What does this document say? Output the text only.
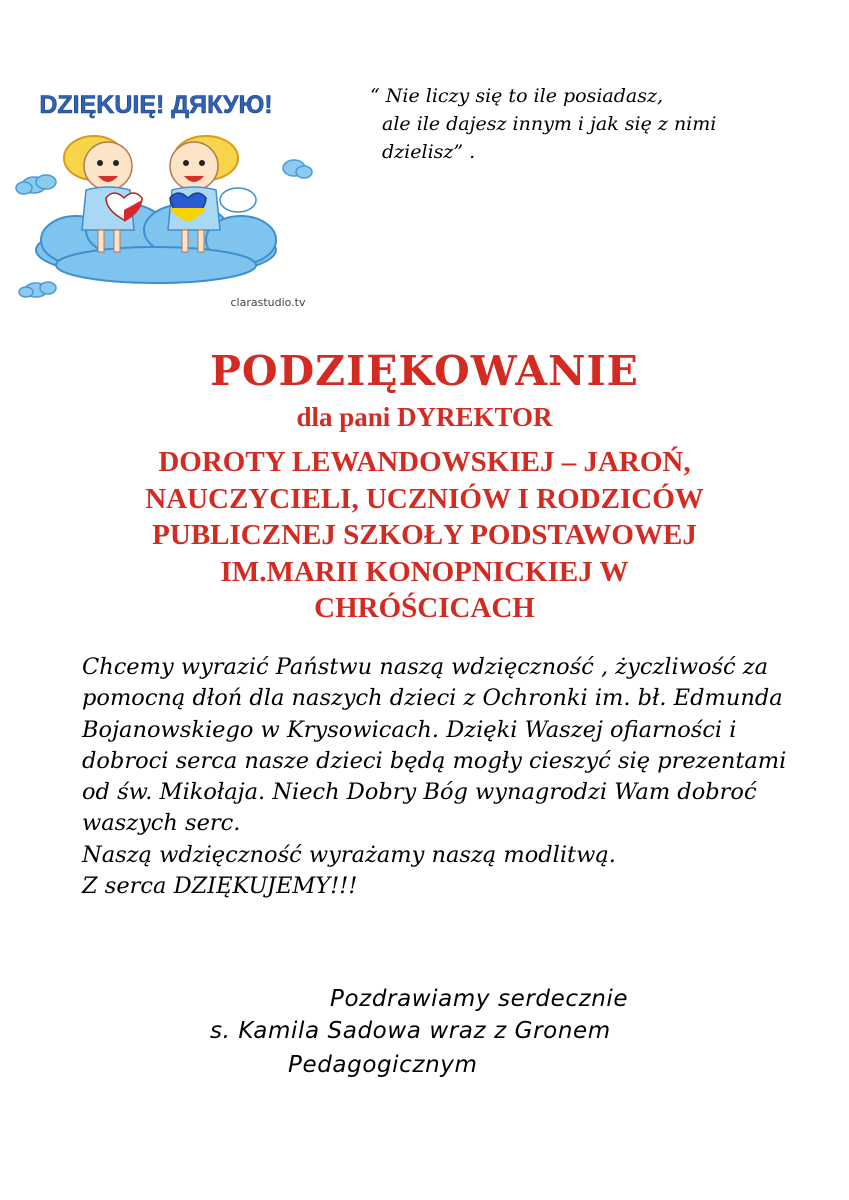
DZIĘKUIĘ! ДЯКУЮ!
clarastudio.tv
“ Nie liczy się to ile posiadasz,
ale ile dajesz innym i jak się z nimi
dzielisz” .
PODZIĘKOWANIE
dla pani DYREKTOR
DOROTY LEWANDOWSKIEJ – JAROŃ,
NAUCZYCIELI, UCZNIÓW I RODZICÓW
PUBLICZNEJ SZKOŁY PODSTAWOWEJ
IM.MARII KONOPNICKIEJ W
CHRÓŚCICACH
Chcemy wyrazić Państwu naszą wdzięczność , życzliwość za
pomocną dłoń dla naszych dzieci z Ochronki im. bł. Edmunda
Bojanowskiego w Krysowicach. Dzięki Waszej ofiarności i
dobroci serca nasze dzieci będą mogły cieszyć się prezentami
od św. Mikołaja. Niech Dobry Bóg wynagrodzi Wam dobroć
waszych serc.
Naszą wdzięczność wyrażamy naszą modlitwą.
Z serca DZIĘKUJEMY!!!
Pozdrawiamy serdecznie
s. Kamila Sadowa wraz z Gronem
Pedagogicznym
